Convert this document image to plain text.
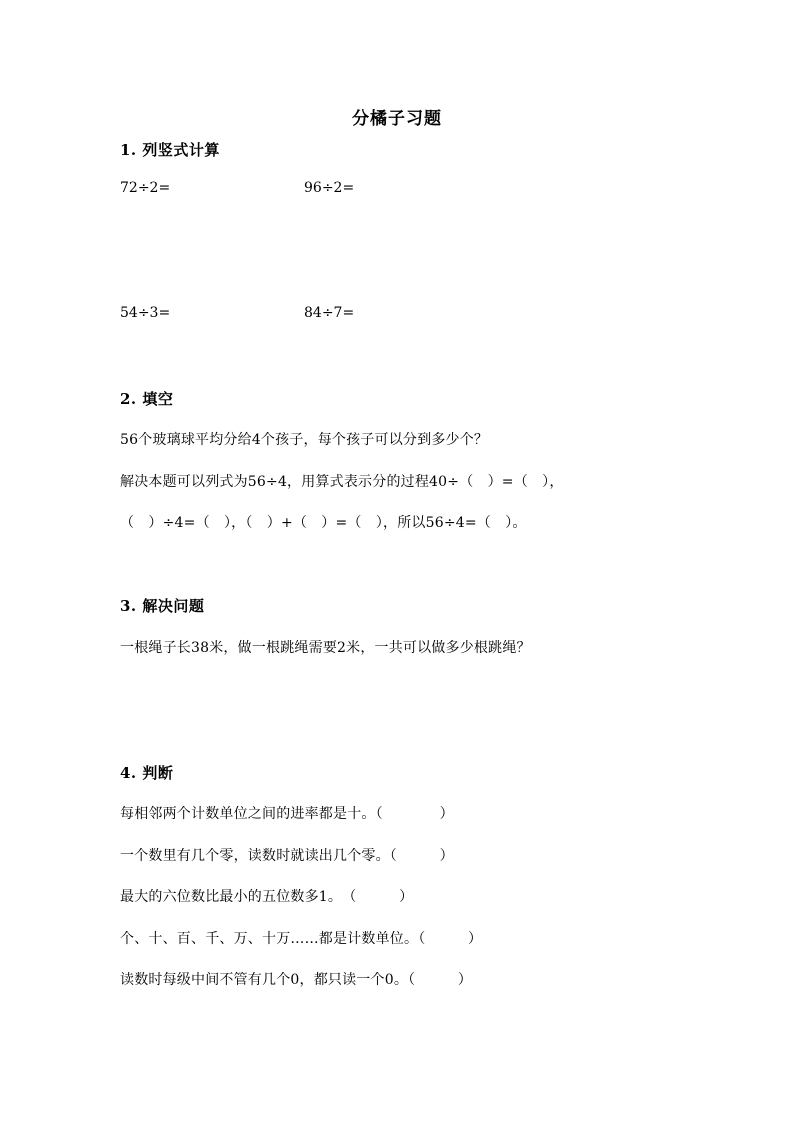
分橘子习题
1. 列竖式计算
72÷2=	96÷2=
54÷3=	84÷7=
2. 填空
56个玻璃球平均分给4个孩子，每个孩子可以分到多少个？
解决本题可以列式为56÷4，用算式表示分的过程40÷（　）=（　），
（　）÷4=（　），（　）+（　）=（　），所以56÷4=（　）。
3. 解决问题
一根绳子长38米，做一根跳绳需要2米，一共可以做多少根跳绳？
4. 判断
每相邻两个计数单位之间的进率都是十。（　　　　）
一个数里有几个零，读数时就读出几个零。（　　　）
最大的六位数比最小的五位数多1。　（　　　）
个、十、百、千、万、十万……都是计数单位。（　　　）
读数时每级中间不管有几个0，都只读一个0。（　　　）
